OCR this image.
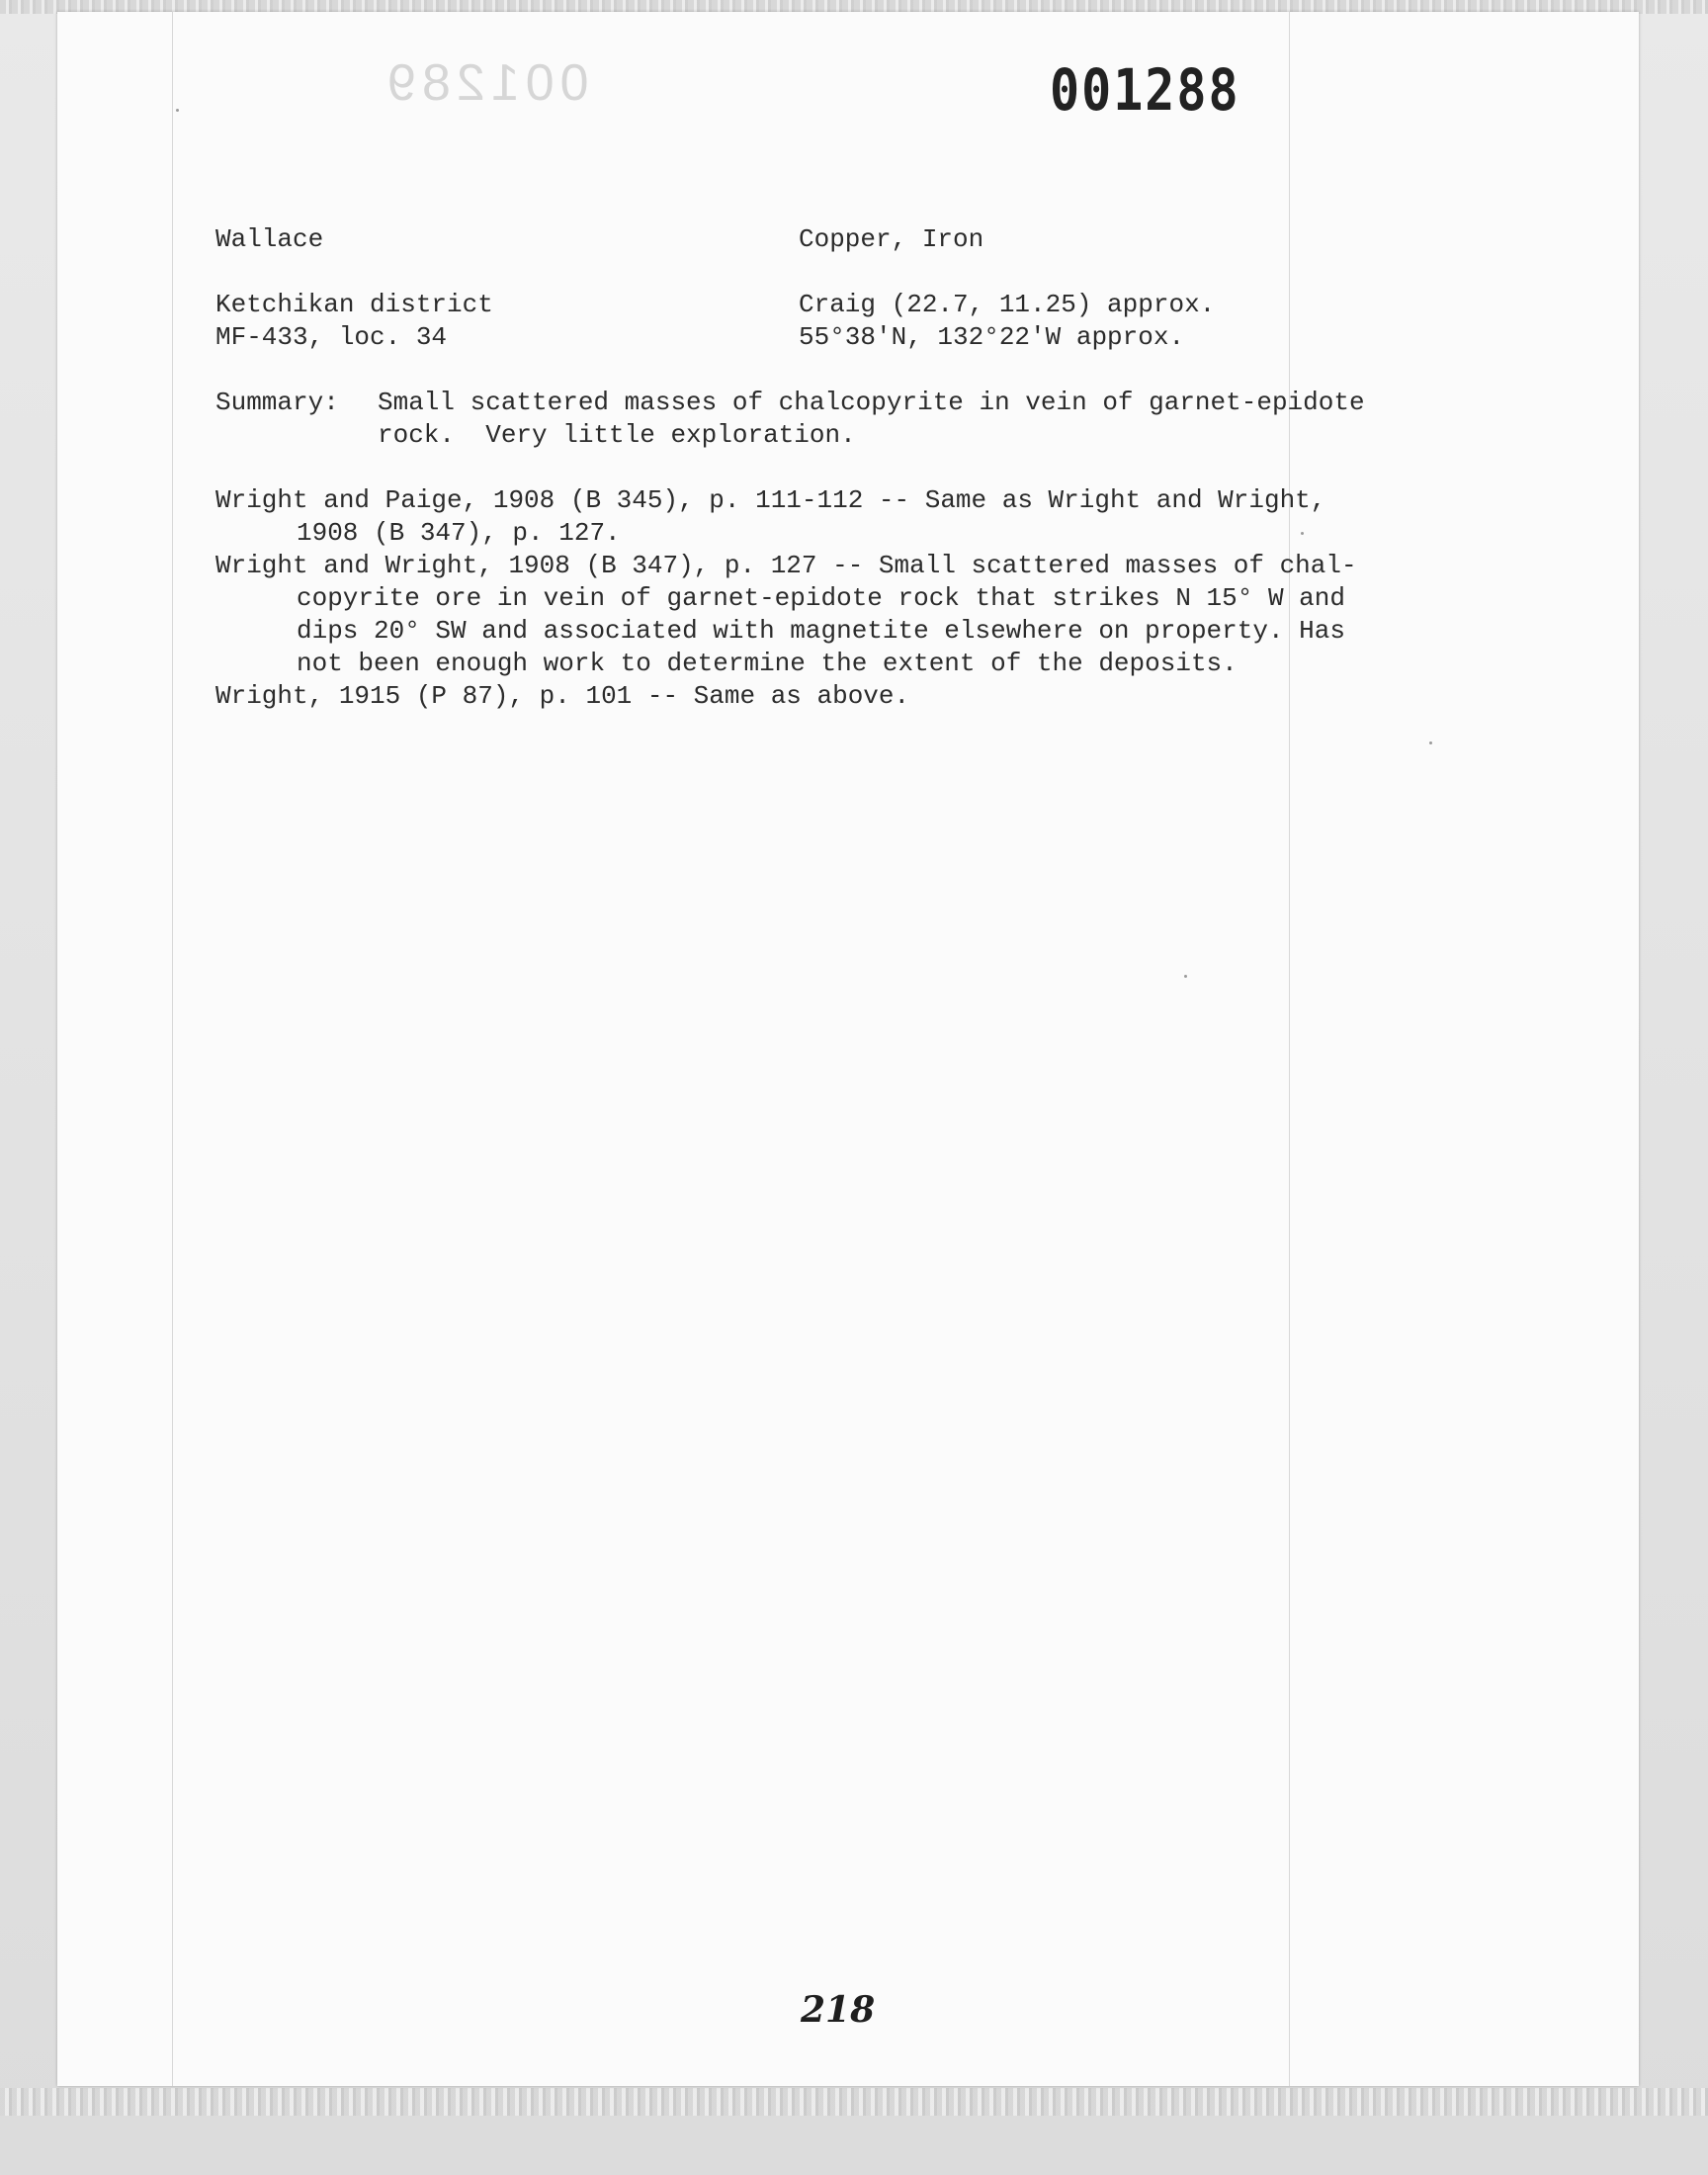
001289	001288
Wallace	Copper, Iron
Ketchikan district
MF-433, loc. 34
Craig (22.7, 11.25) approx.
55°38'N, 132°22'W approx.
Summary: Small scattered masses of chalcopyrite in vein of garnet-epidote
rock.  Very little exploration.
Wright and Paige, 1908 (B 345), p. 111-112 -- Same as Wright and Wright,
1908 (B 347), p. 127.
Wright and Wright, 1908 (B 347), p. 127 -- Small scattered masses of chal-
copyrite ore in vein of garnet-epidote rock that strikes N 15° W and
dips 20° SW and associated with magnetite elsewhere on property. Has
not been enough work to determine the extent of the deposits.
Wright, 1915 (P 87), p. 101 -- Same as above.
218
